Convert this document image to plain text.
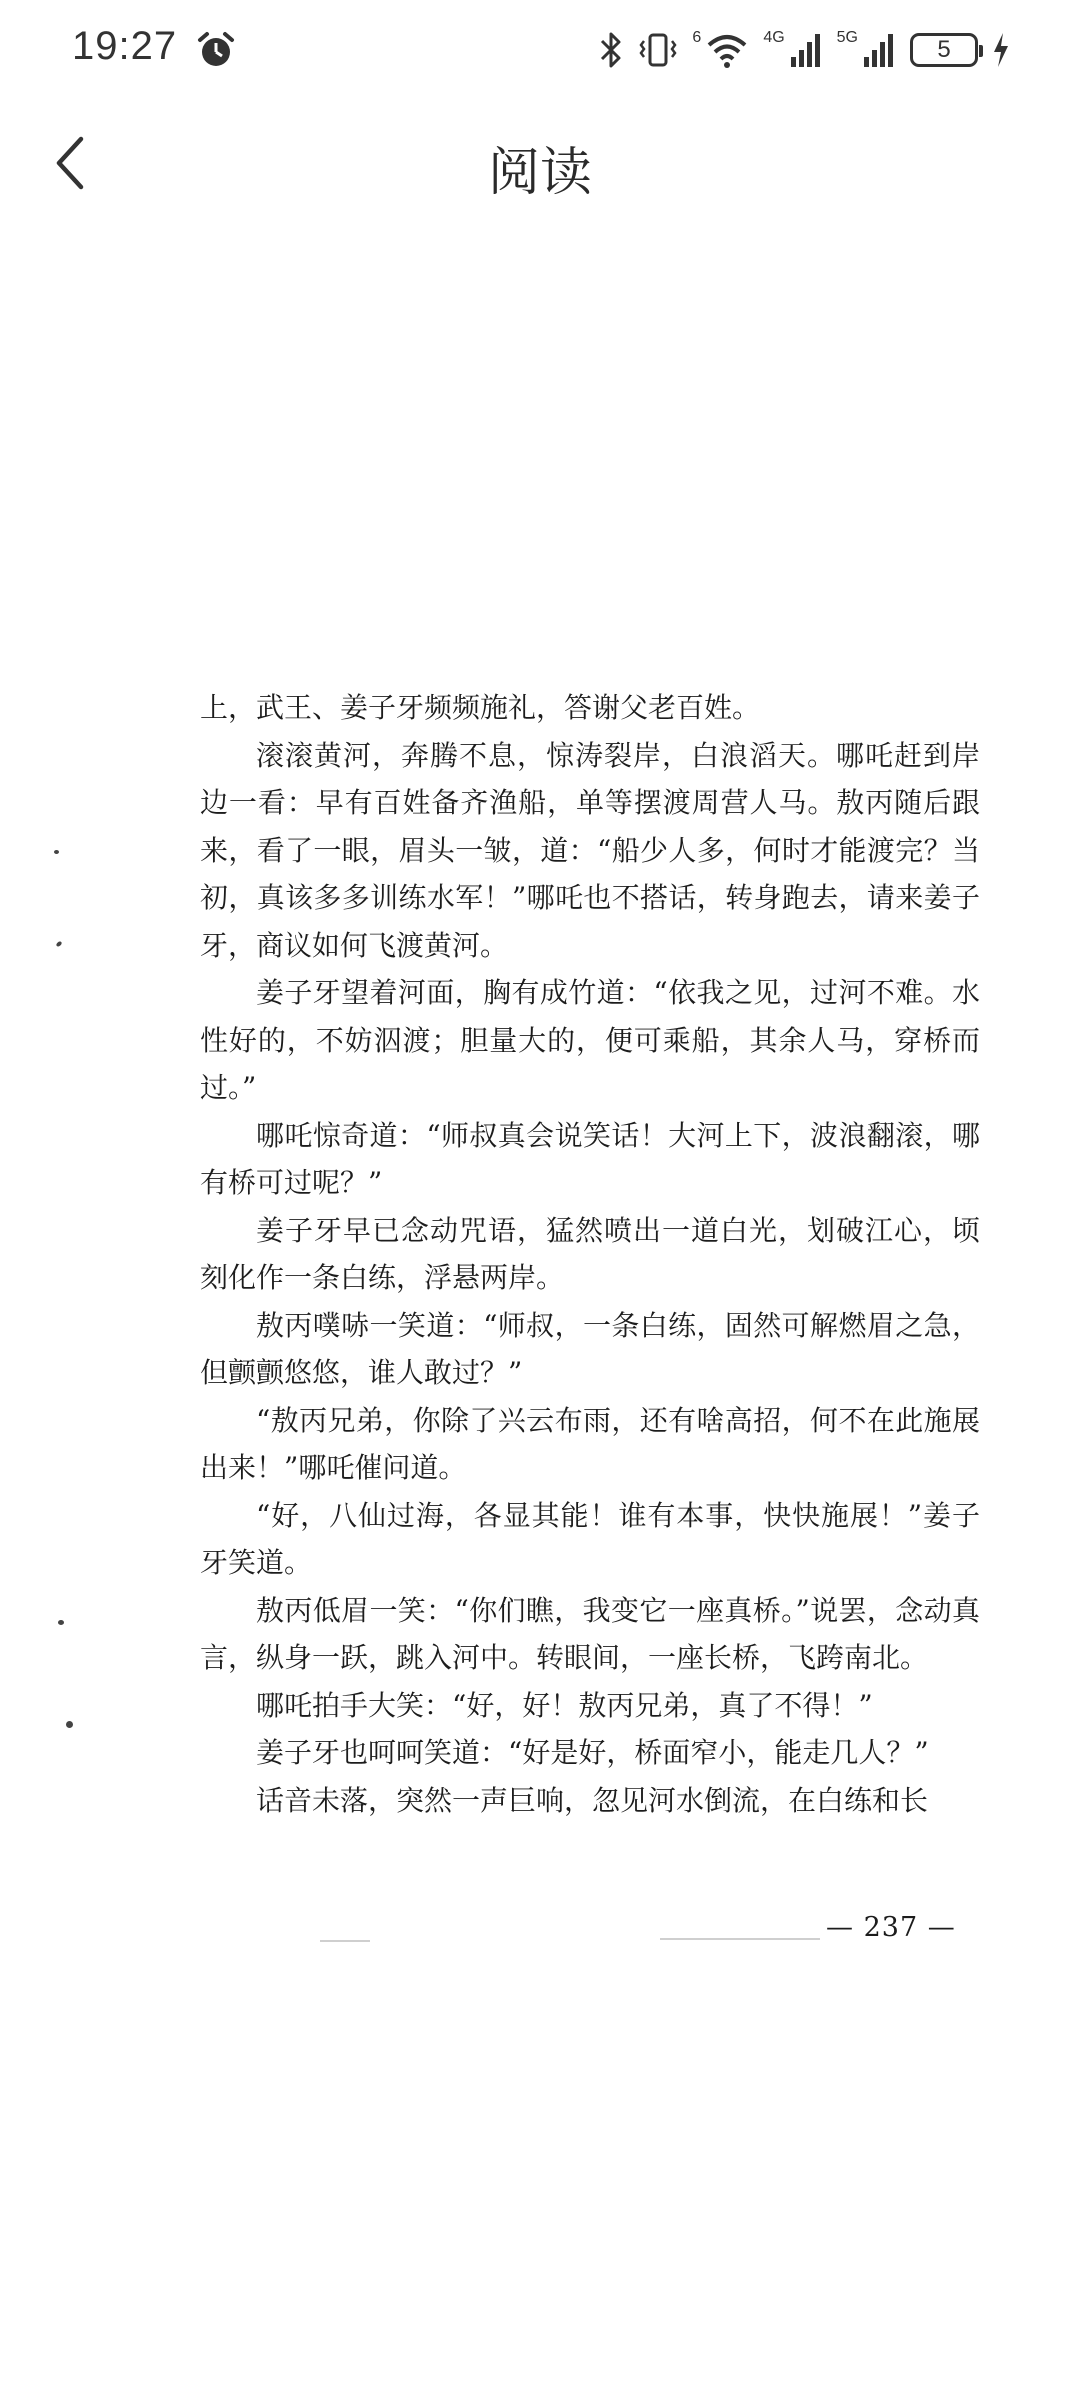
19:27	6	4G	5G	5
阅读

上，武王、姜子牙频频施礼，答谢父老百姓。

滚滚黄河，奔腾不息，惊涛裂岸，白浪滔天。哪吒赶到岸边一看：早有百姓备齐渔船，单等摆渡周营人马。敖丙随后跟来，看了一眼，眉头一皱，道：“船少人多，何时才能渡完？当初，真该多多训练水军！”哪吒也不搭话，转身跑去，请来姜子牙，商议如何飞渡黄河。

姜子牙望着河面，胸有成竹道：“依我之见，过河不难。水性好的，不妨泅渡；胆量大的，便可乘船，其余人马，穿桥而过。”

哪吒惊奇道：“师叔真会说笑话！大河上下，波浪翻滚，哪有桥可过呢？”

姜子牙早已念动咒语，猛然喷出一道白光，划破江心，顷刻化作一条白练，浮悬两岸。

敖丙噗哧一笑道：“师叔，一条白练，固然可解燃眉之急，但颤颤悠悠，谁人敢过？”

“敖丙兄弟，你除了兴云布雨，还有啥高招，何不在此施展出来！”哪吒催问道。

“好，八仙过海，各显其能！谁有本事，快快施展！”姜子牙笑道。

敖丙低眉一笑：“你们瞧，我变它一座真桥。”说罢，念动真言，纵身一跃，跳入河中。转眼间，一座长桥，飞跨南北。

哪吒拍手大笑：“好，好！敖丙兄弟，真了不得！”

姜子牙也呵呵笑道：“好是好，桥面窄小，能走几人？”

话音未落，突然一声巨响，忽见河水倒流，在白练和长

— 237 —
